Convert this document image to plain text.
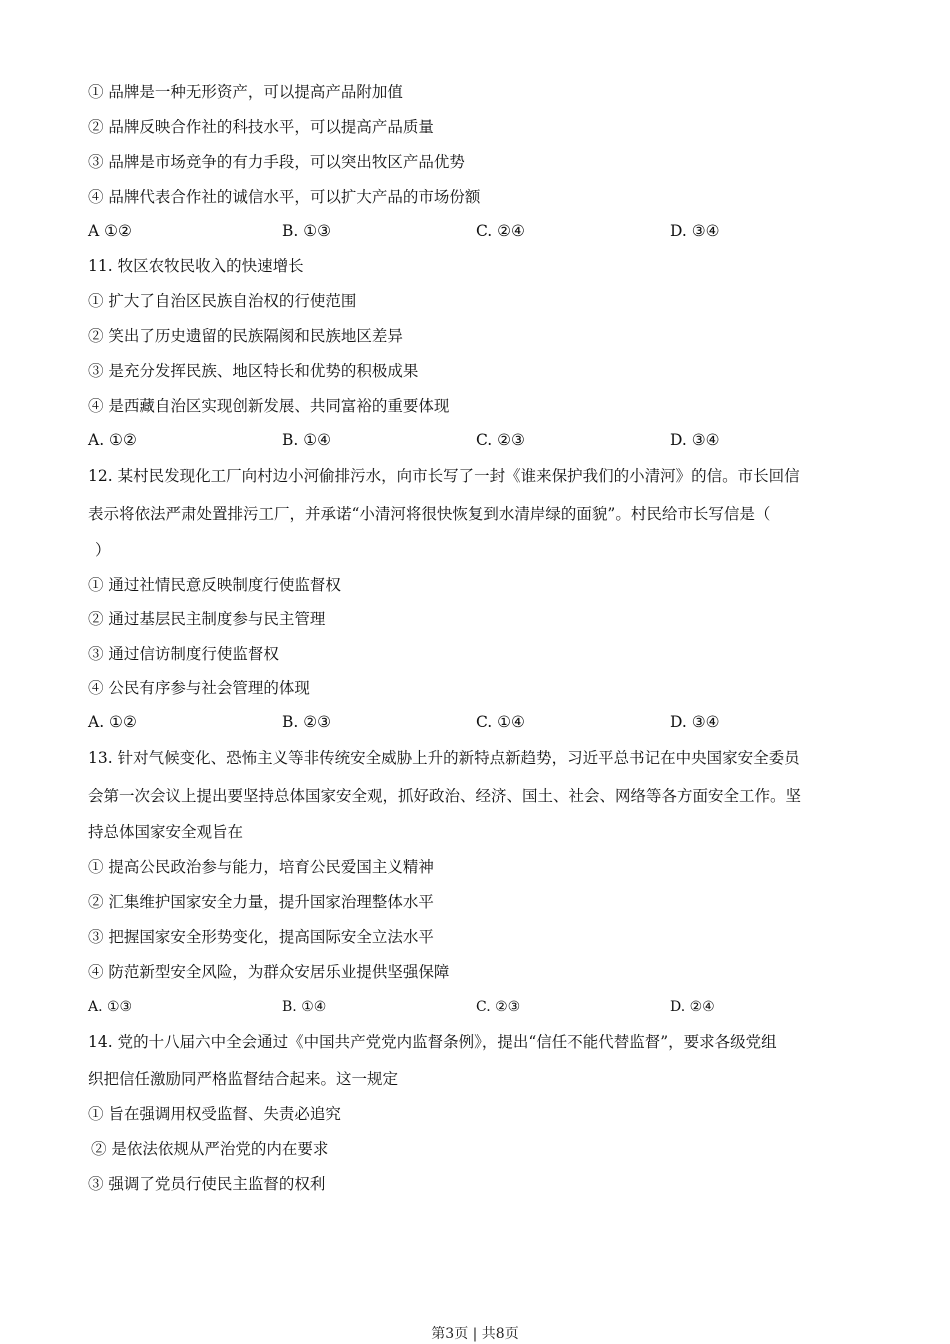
① 品牌是一种无形资产，可以提高产品附加值
② 品牌反映合作社的科技水平，可以提高产品质量
③ 品牌是市场竞争的有力手段，可以突出牧区产品优势
④ 品牌代表合作社的诚信水平，可以扩大产品的市场份额
A ①②	B. ①③	C. ②④	D. ③④
11. 牧区农牧民收入的快速增长
① 扩大了自治区民族自治权的行使范围
② 笑出了历史遗留的民族隔阂和民族地区差异
③ 是充分发挥民族、地区特长和优势的积极成果
④ 是西藏自治区实现创新发展、共同富裕的重要体现
A. ①②	B. ①④	C. ②③	D. ③④
12. 某村民发现化工厂向村边小河偷排污水，向市长写了一封《谁来保护我们的小清河》的信。市长回信
表示将依法严肃处置排污工厂，并承诺“小清河将很快恢复到水清岸绿的面貌”。村民给市长写信是（
）
① 通过社情民意反映制度行使监督权
② 通过基层民主制度参与民主管理
③ 通过信访制度行使监督权
④ 公民有序参与社会管理的体现
A. ①②	B. ②③	C. ①④	D. ③④
13. 针对气候变化、恐怖主义等非传统安全威胁上升的新特点新趋势，习近平总书记在中央国家安全委员
会第一次会议上提出要坚持总体国家安全观，抓好政治、经济、国土、社会、网络等各方面安全工作。坚
持总体国家安全观旨在
① 提高公民政治参与能力，培育公民爱国主义精神
② 汇集维护国家安全力量，提升国家治理整体水平
③ 把握国家安全形势变化，提高国际安全立法水平
④ 防范新型安全风险，为群众安居乐业提供坚强保障
A. ①③	B. ①④	C. ②③	D. ②④
14. 党的十八届六中全会通过《中国共产党党内监督条例》，提出“信任不能代替监督”，要求各级党组
织把信任激励同严格监督结合起来。这一规定
① 旨在强调用权受监督、失责必追究
② 是依法依规从严治党的内在要求
③ 强调了党员行使民主监督的权利
第3页 | 共8页
